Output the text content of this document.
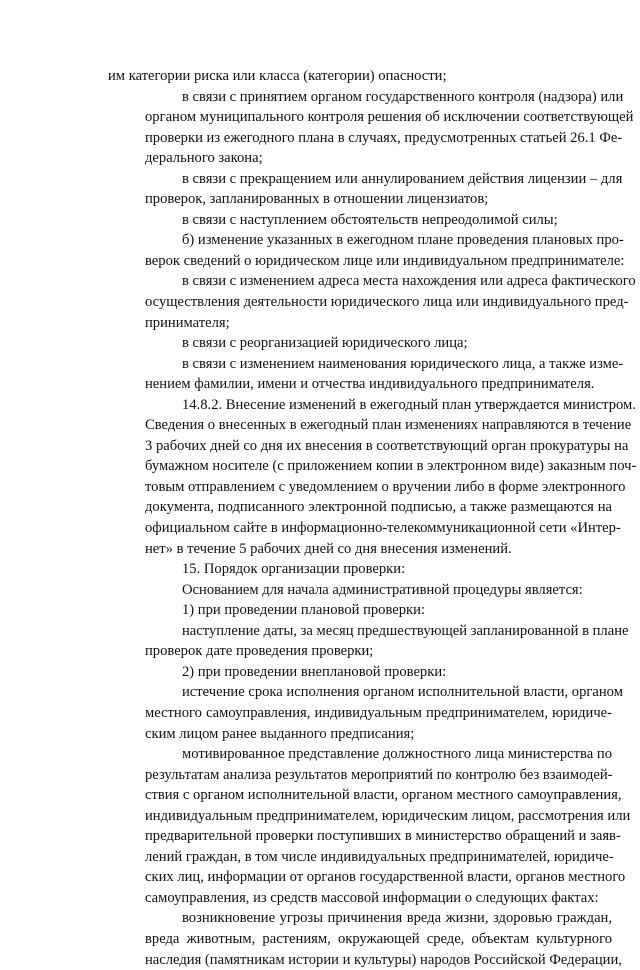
им категории риска или класса (категории) опасности;
в связи с принятием органом государственного контроля (надзора) или
органом муниципального контроля решения об исключении соответствующей
проверки из ежегодного плана в случаях, предусмотренных статьей 26.1 Фе-
дерального закона;
в связи с прекращением или аннулированием действия лицензии – для
проверок, запланированных в отношении лицензиатов;
в связи с наступлением обстоятельств непреодолимой силы;
б) изменение указанных в ежегодном плане проведения плановых про-
верок сведений о юридическом лице или индивидуальном предпринимателе:
в связи с изменением адреса места нахождения или адреса фактического
осуществления деятельности юридического лица или индивидуального пред-
принимателя;
в связи с реорганизацией юридического лица;
в связи с изменением наименования юридического лица, а также изме-
нением фамилии, имени и отчества индивидуального предпринимателя.
14.8.2. Внесение изменений в ежегодный план утверждается министром.
Сведения о внесенных в ежегодный план изменениях направляются в течение
3 рабочих дней со дня их внесения в соответствующий орган прокуратуры на
бумажном носителе (с приложением копии в электронном виде) заказным поч-
товым отправлением с уведомлением о вручении либо в форме электронного
документа, подписанного электронной подписью, а также размещаются на
официальном сайте в информационно-телекоммуникационной сети «Интер-
нет» в течение 5 рабочих дней со дня внесения изменений.
15. Порядок организации проверки:
Основанием для начала административной процедуры является:
1) при проведении плановой проверки:
наступление даты, за месяц предшествующей запланированной в плане
проверок дате проведения проверки;
2) при проведении внеплановой проверки:
истечение срока исполнения органом исполнительной власти, органом
местного самоуправления, индивидуальным предпринимателем, юридиче-
ским лицом ранее выданного предписания;
мотивированное представление должностного лица министерства по
результатам анализа результатов мероприятий по контролю без взаимодей-
ствия с органом исполнительной власти, органом местного самоуправления,
индивидуальным предпринимателем, юридическим лицом, рассмотрения или
предварительной проверки поступивших в министерство обращений и заяв-
лений граждан, в том числе индивидуальных предпринимателей, юридиче-
ских лиц, информации от органов государственной власти, органов местного
самоуправления, из средств массовой информации о следующих фактах:
возникновение угрозы причинения вреда жизни, здоровью граждан,
вреда животным, растениям, окружающей среде, объектам культурного
наследия (памятникам истории и культуры) народов Российской Федерации,
